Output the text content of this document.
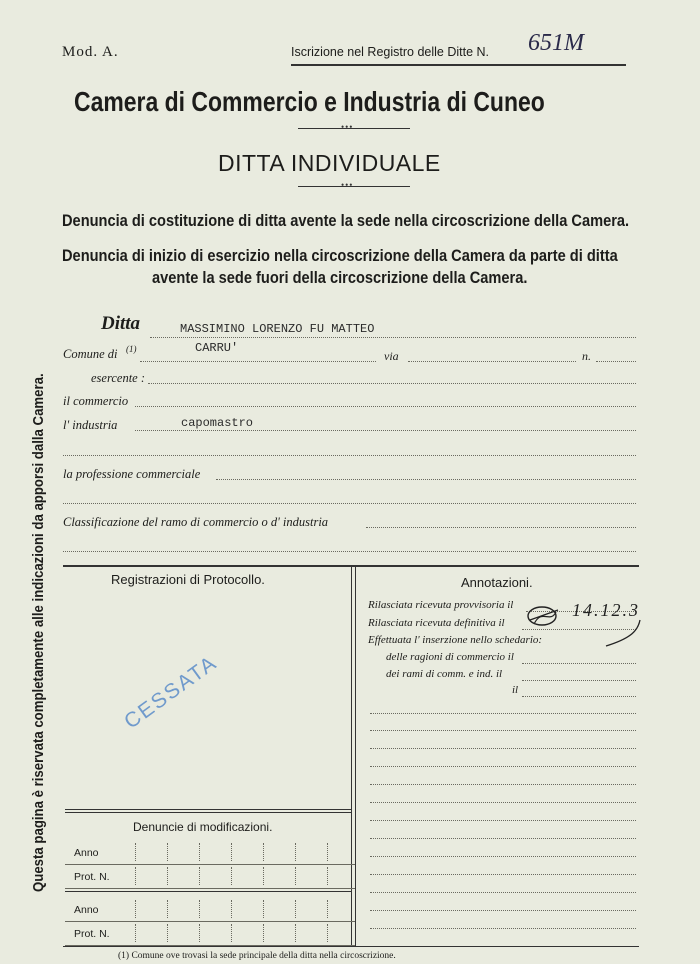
Mod. A.	Iscrizione nel Registro delle Ditte N. 651M
Camera di Commercio e Industria di Cuneo
•••
DITTA INDIVIDUALE
•••
Denuncia di costituzione di ditta avente la sede nella circoscrizione della Camera.
Denuncia di inizio di esercizio nella circoscrizione della Camera da parte di ditta
avente la sede fuori della circoscrizione della Camera.
Questa pagina è riservata completamente alle indicazioni da apporsi dalla Camera.
Ditta	MASSIMINO LORENZO FU MATTEO
Comune di (1)	CARRU'
via	n.
esercente :
il commercio
l' industria	capomastro
la professione commerciale
Classificazione del ramo di commercio o d' industria
Registrazioni di Protocollo.
CESSATA
Annotazioni.
Rilasciata ricevuta provvisoria il
Rilasciata ricevuta definitiva il
Effettuata l' inserzione nello schedario:
delle ragioni di commercio il
dei rami di comm. e ind. il
il
14.12.3
Denuncie di modificazioni.
Anno
Prot. N.
Anno
Prot. N.
(1) Comune ove trovasi la sede principale della ditta nella circoscrizione.
